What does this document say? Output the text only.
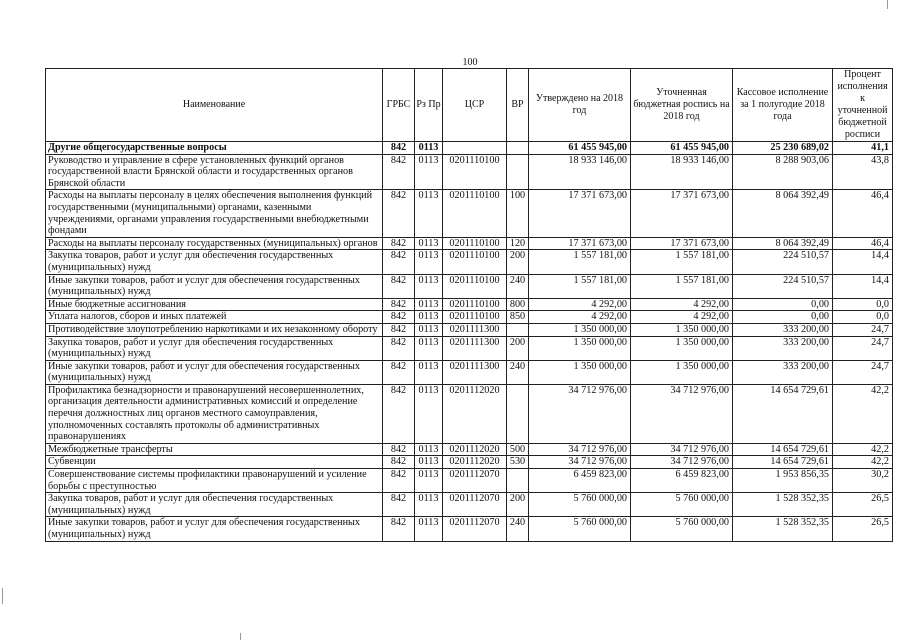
100
Наименование	ГРБС	Рз Пр	ЦСР	ВР	Утверждено на 2018 год	Уточненная бюджетная роспись на 2018 год	Кассовое исполнение за 1 полугодие 2018 года	Процент исполнения к уточненной бюджетной росписи
Другие общегосударственные вопросы	842	0113			61 455 945,00	61 455 945,00	25 230 689,02	41,1
Руководство и управление в сфере установленных функций органов государственной власти Брянской области и государственных органов Брянской области	842	0113	0201110100		18 933 146,00	18 933 146,00	8 288 903,06	43,8
Расходы на выплаты персоналу в целях обеспечения выполнения функций государственными (муниципальными) органами, казенными учреждениями, органами управления государственными внебюджетными фондами	842	0113	0201110100	100	17 371 673,00	17 371 673,00	8 064 392,49	46,4
Расходы на выплаты персоналу государственных (муниципальных) органов	842	0113	0201110100	120	17 371 673,00	17 371 673,00	8 064 392,49	46,4
Закупка товаров, работ и услуг для обеспечения государственных (муниципальных) нужд	842	0113	0201110100	200	1 557 181,00	1 557 181,00	224 510,57	14,4
Иные закупки товаров, работ и услуг для обеспечения государственных (муниципальных) нужд	842	0113	0201110100	240	1 557 181,00	1 557 181,00	224 510,57	14,4
Иные бюджетные ассигнования	842	0113	0201110100	800	4 292,00	4 292,00	0,00	0,0
Уплата налогов, сборов и иных платежей	842	0113	0201110100	850	4 292,00	4 292,00	0,00	0,0
Противодействие злоупотреблению наркотиками и их незаконному обороту	842	0113	0201111300		1 350 000,00	1 350 000,00	333 200,00	24,7
Закупка товаров, работ и услуг для обеспечения государственных (муниципальных) нужд	842	0113	0201111300	200	1 350 000,00	1 350 000,00	333 200,00	24,7
Иные закупки товаров, работ и услуг для обеспечения государственных (муниципальных) нужд	842	0113	0201111300	240	1 350 000,00	1 350 000,00	333 200,00	24,7
Профилактика безнадзорности и правонарушений несовершеннолетних, организация деятельности административных комиссий и определение перечня должностных лиц органов местного самоуправления, уполномоченных составлять протоколы об административных правонарушениях	842	0113	0201112020		34 712 976,00	34 712 976,00	14 654 729,61	42,2
Межбюджетные трансферты	842	0113	0201112020	500	34 712 976,00	34 712 976,00	14 654 729,61	42,2
Субвенции	842	0113	0201112020	530	34 712 976,00	34 712 976,00	14 654 729,61	42,2
Совершенствование системы профилактики правонарушений и усиление борьбы с преступностью	842	0113	0201112070		6 459 823,00	6 459 823,00	1 953 856,35	30,2
Закупка товаров, работ и услуг для обеспечения государственных (муниципальных) нужд	842	0113	0201112070	200	5 760 000,00	5 760 000,00	1 528 352,35	26,5
Иные закупки товаров, работ и услуг для обеспечения государственных (муниципальных) нужд	842	0113	0201112070	240	5 760 000,00	5 760 000,00	1 528 352,35	26,5
